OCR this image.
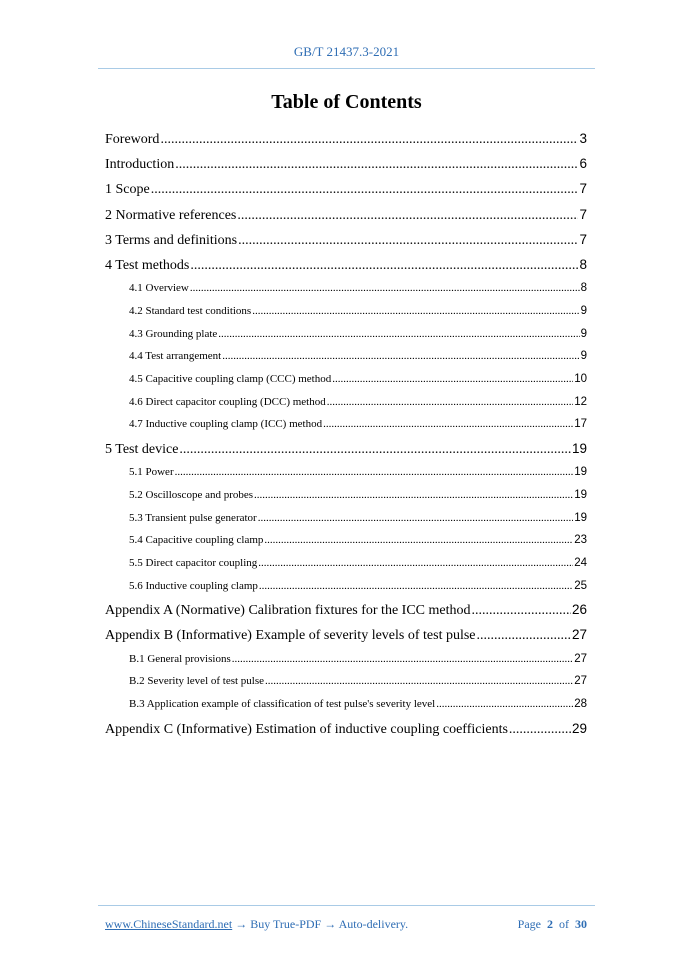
GB/T 21437.3-2021
Table of Contents
Foreword .....	3
Introduction .....	6
1 Scope .....	7
2 Normative references .....	7
3 Terms and definitions .....	7
4 Test methods .....	8
4.1 Overview .....	8
4.2 Standard test conditions .....	9
4.3 Grounding plate .....	9
4.4 Test arrangement .....	9
4.5 Capacitive coupling clamp (CCC) method .....	10
4.6 Direct capacitor coupling (DCC) method .....	12
4.7 Inductive coupling clamp (ICC) method .....	17
5 Test device .....	19
5.1 Power .....	19
5.2 Oscilloscope and probes .....	19
5.3 Transient pulse generator .....	19
5.4 Capacitive coupling clamp .....	23
5.5 Direct capacitor coupling .....	24
5.6 Inductive coupling clamp .....	25
Appendix A (Normative) Calibration fixtures for the ICC method .....	26
Appendix B (Informative) Example of severity levels of test pulse .....	27
B.1 General provisions .....	27
B.2 Severity level of test pulse .....	27
B.3 Application example of classification of test pulse's severity level .....	28
Appendix C (Informative) Estimation of inductive coupling coefficients .....	29
www.ChineseStandard.net → Buy True-PDF → Auto-delivery.	Page 2 of 30
